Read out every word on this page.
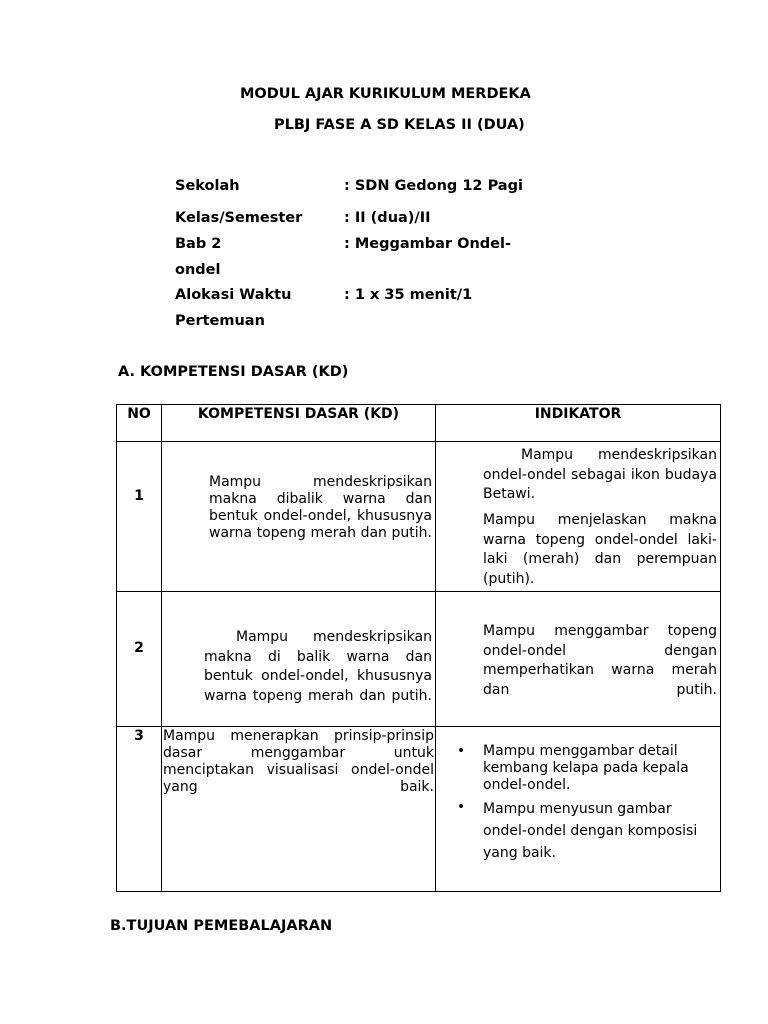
MODUL AJAR KURIKULUM MERDEKA
PLBJ FASE A SD KELAS II (DUA)
Sekolah	: SDN Gedong 12 Pagi
Kelas/Semester	: II (dua)/II
Bab 2	: Meggambar Ondel-
ondel
Alokasi Waktu	: 1 x 35 menit/1
Pertemuan
A. KOMPETENSI DASAR (KD)
NO	KOMPETENSI DASAR (KD)	INDIKATOR

1	Mampu mendeskripsikan makna dibalik warna dan bentuk ondel-ondel, khususnya warna topeng merah dan putih.	Mampu mendeskripsikan ondel-ondel sebagai ikon budaya Betawi.
Mampu menjelaskan makna warna topeng ondel-ondel laki-laki (merah) dan perempuan (putih).

2	Mampu mendeskripsikan makna di balik warna dan bentuk ondel-ondel, khususnya warna topeng merah dan putih.	Mampu menggambar topeng ondel-ondel dengan memperhatikan warna merah dan putih.

3	Mampu menerapkan prinsip-prinsip dasar menggambar untuk menciptakan visualisasi ondel-ondel yang baik.	• Mampu menggambar detail kembang kelapa pada kepala ondel-ondel.
• Mampu menyusun gambar ondel-ondel dengan komposisi yang baik.
B.TUJUAN PEMEBALAJARAN
